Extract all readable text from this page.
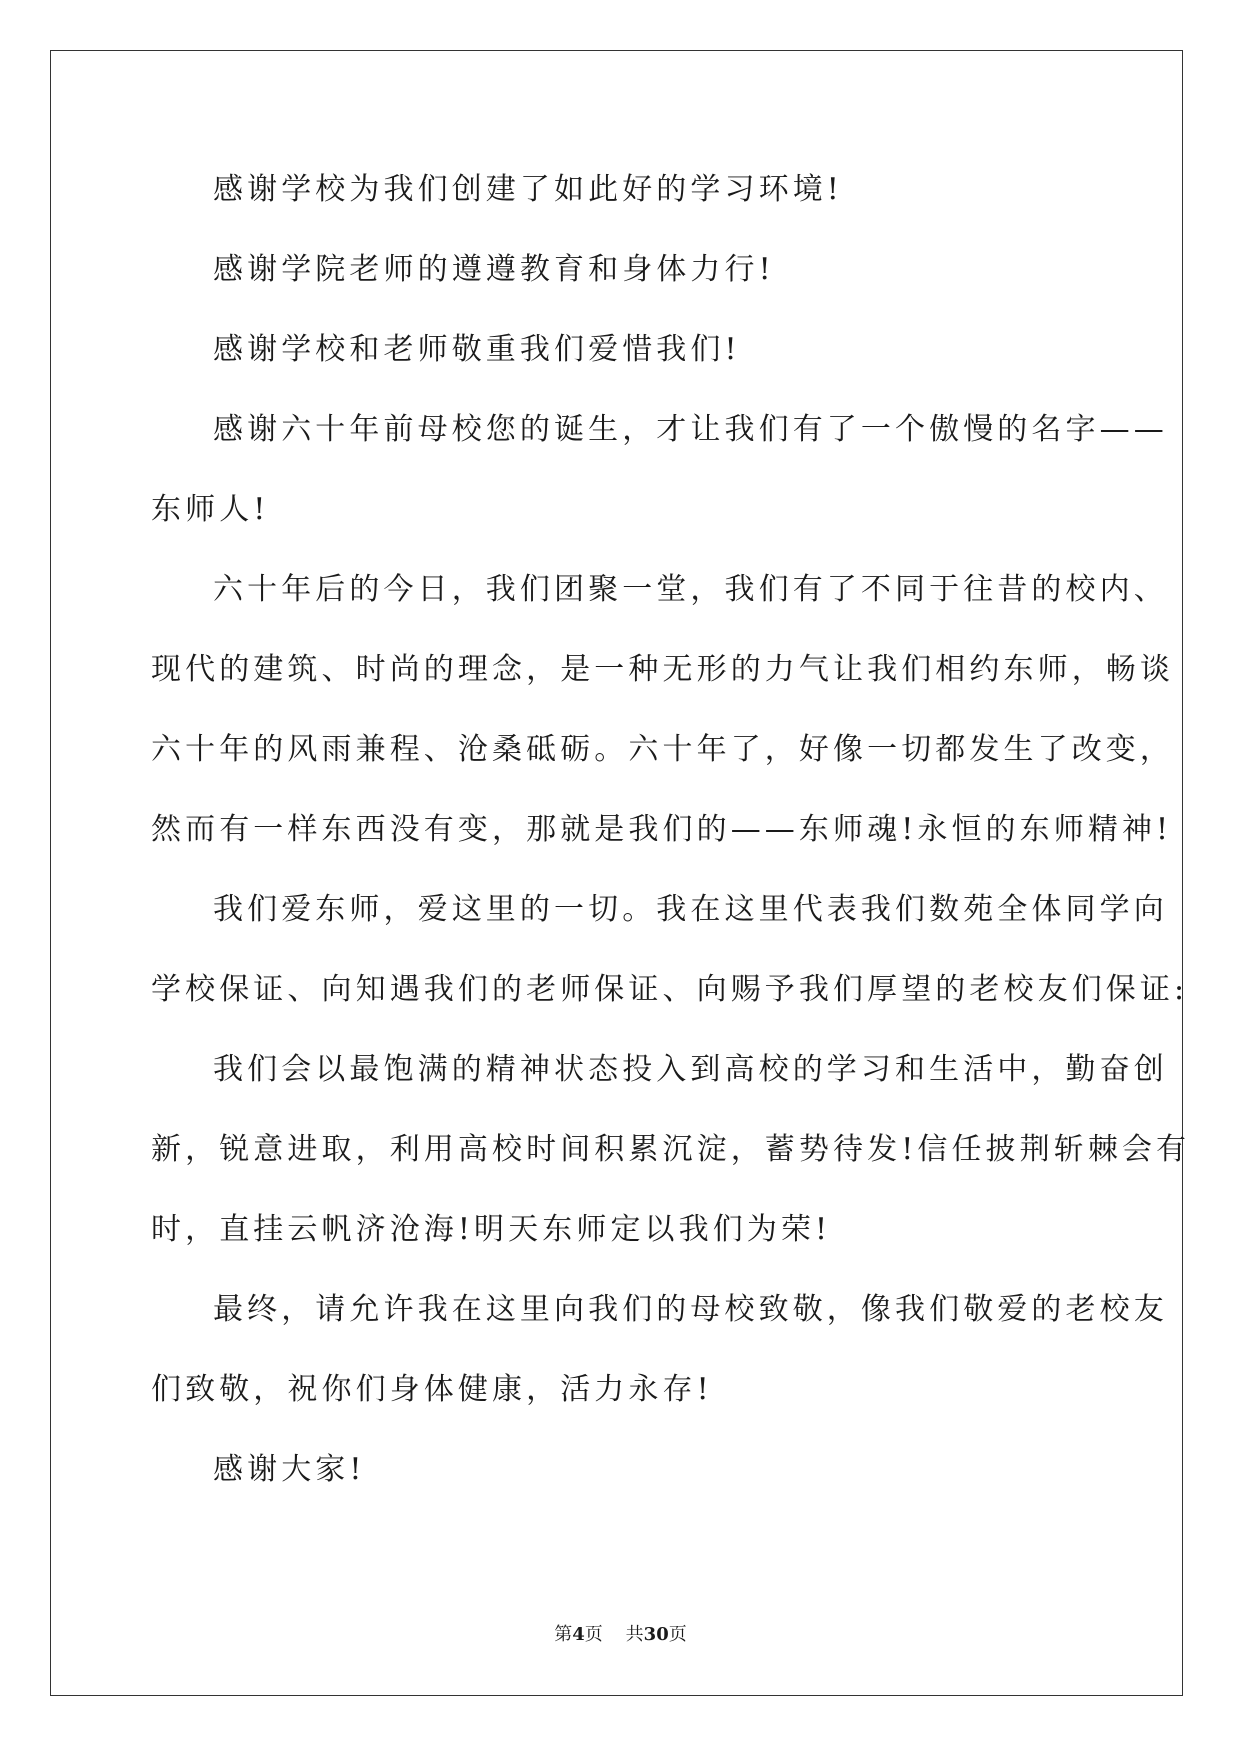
感谢学校为我们创建了如此好的学习环境!
感谢学院老师的遵遵教育和身体力行!
感谢学校和老师敬重我们爱惜我们!
感谢六十年前母校您的诞生，才让我们有了一个傲慢的名字——
东师人!
六十年后的今日，我们团聚一堂，我们有了不同于往昔的校内、
现代的建筑、时尚的理念，是一种无形的力气让我们相约东师，畅谈
六十年的风雨兼程、沧桑砥砺。六十年了，好像一切都发生了改变，
然而有一样东西没有变，那就是我们的——东师魂!永恒的东师精神!
我们爱东师，爱这里的一切。我在这里代表我们数苑全体同学向
学校保证、向知遇我们的老师保证、向赐予我们厚望的老校友们保证:
我们会以最饱满的精神状态投入到高校的学习和生活中，勤奋创
新，锐意进取，利用高校时间积累沉淀，蓄势待发!信任披荆斩棘会有
时，直挂云帆济沧海!明天东师定以我们为荣!
最终，请允许我在这里向我们的母校致敬，像我们敬爱的老校友
们致敬，祝你们身体健康，活力永存!
感谢大家!
第4页 共30页
